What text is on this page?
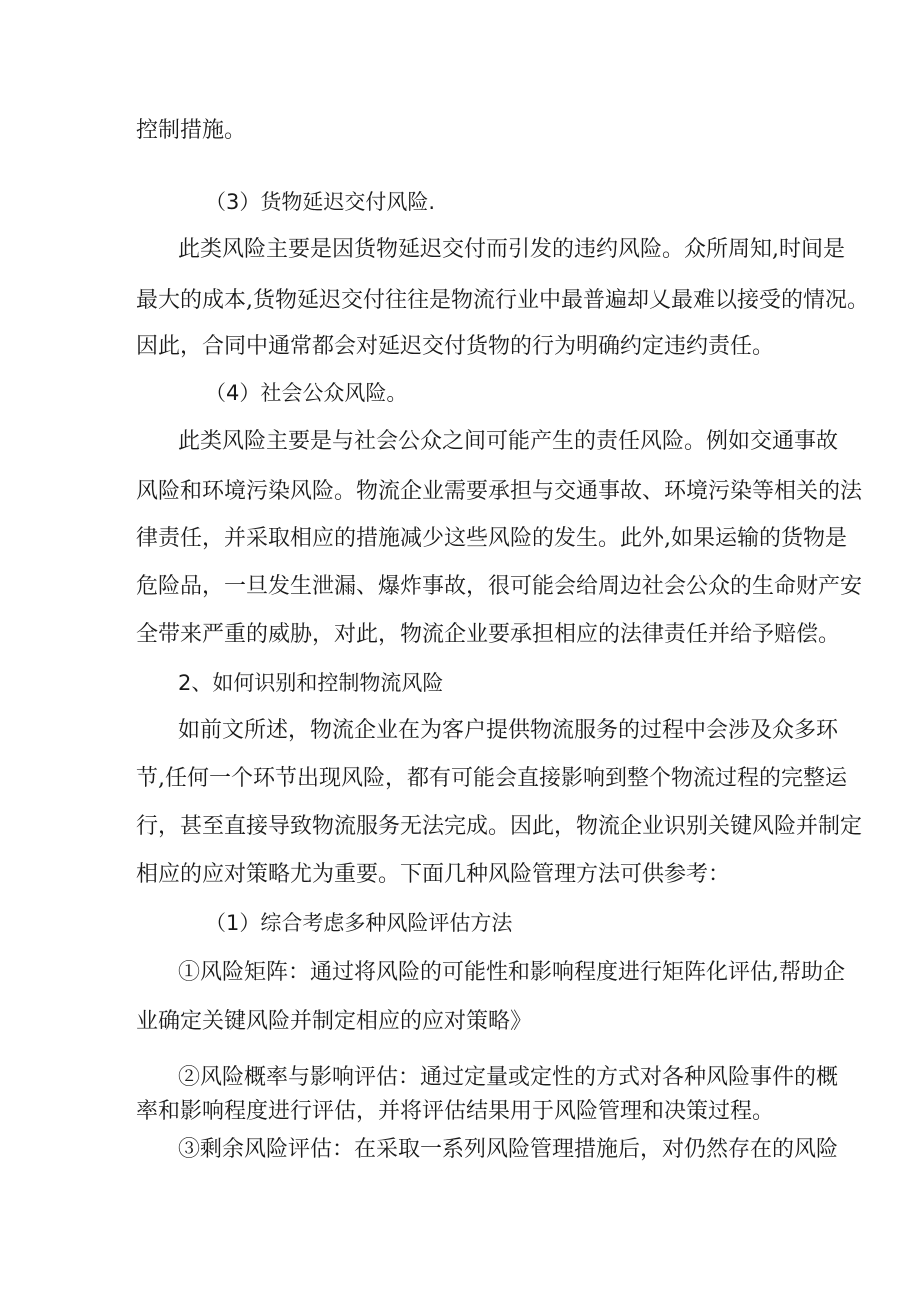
控制措施。
（3）货物延迟交付风险.
此类风险主要是因货物延迟交付而引发的违约风险。众所周知,时间是
最大的成本,货物延迟交付往往是物流行业中最普遍却乂最难以接受的情况。
因此，合同中通常都会对延迟交付货物的行为明确约定违约责任。
（4）社会公众风险。
此类风险主要是与社会公众之间可能产生的责任风险。例如交通事故
风险和环境污染风险。物流企业需要承担与交通事故、环境污染等相关的法
律责任，并采取相应的措施减少这些风险的发生。此外,如果运输的货物是
危险品，一旦发生泄漏、爆炸事故，很可能会给周边社会公众的生命财产安
全带来严重的威胁，对此，物流企业要承担相应的法律责任并给予赔偿。
2、如何识别和控制物流风险
如前文所述，物流企业在为客户提供物流服务的过程中会涉及众多环
节,任何一个环节出现风险，都有可能会直接影响到整个物流过程的完整运
行，甚至直接导致物流服务无法完成。因此，物流企业识别关键风险并制定
相应的应对策略尤为重要。下面几种风险管理方法可供参考：
（1）综合考虑多种风险评估方法
①风险矩阵：通过将风险的可能性和影响程度进行矩阵化评估,帮助企
业确定关键风险并制定相应的应对策略》
②风险概率与影响评估：通过定量或定性的方式对各种风险事件的概
率和影响程度进行评估，并将评估结果用于风险管理和决策过程。
③剩余风险评估：在采取一系列风险管理措施后，对仍然存在的风险
